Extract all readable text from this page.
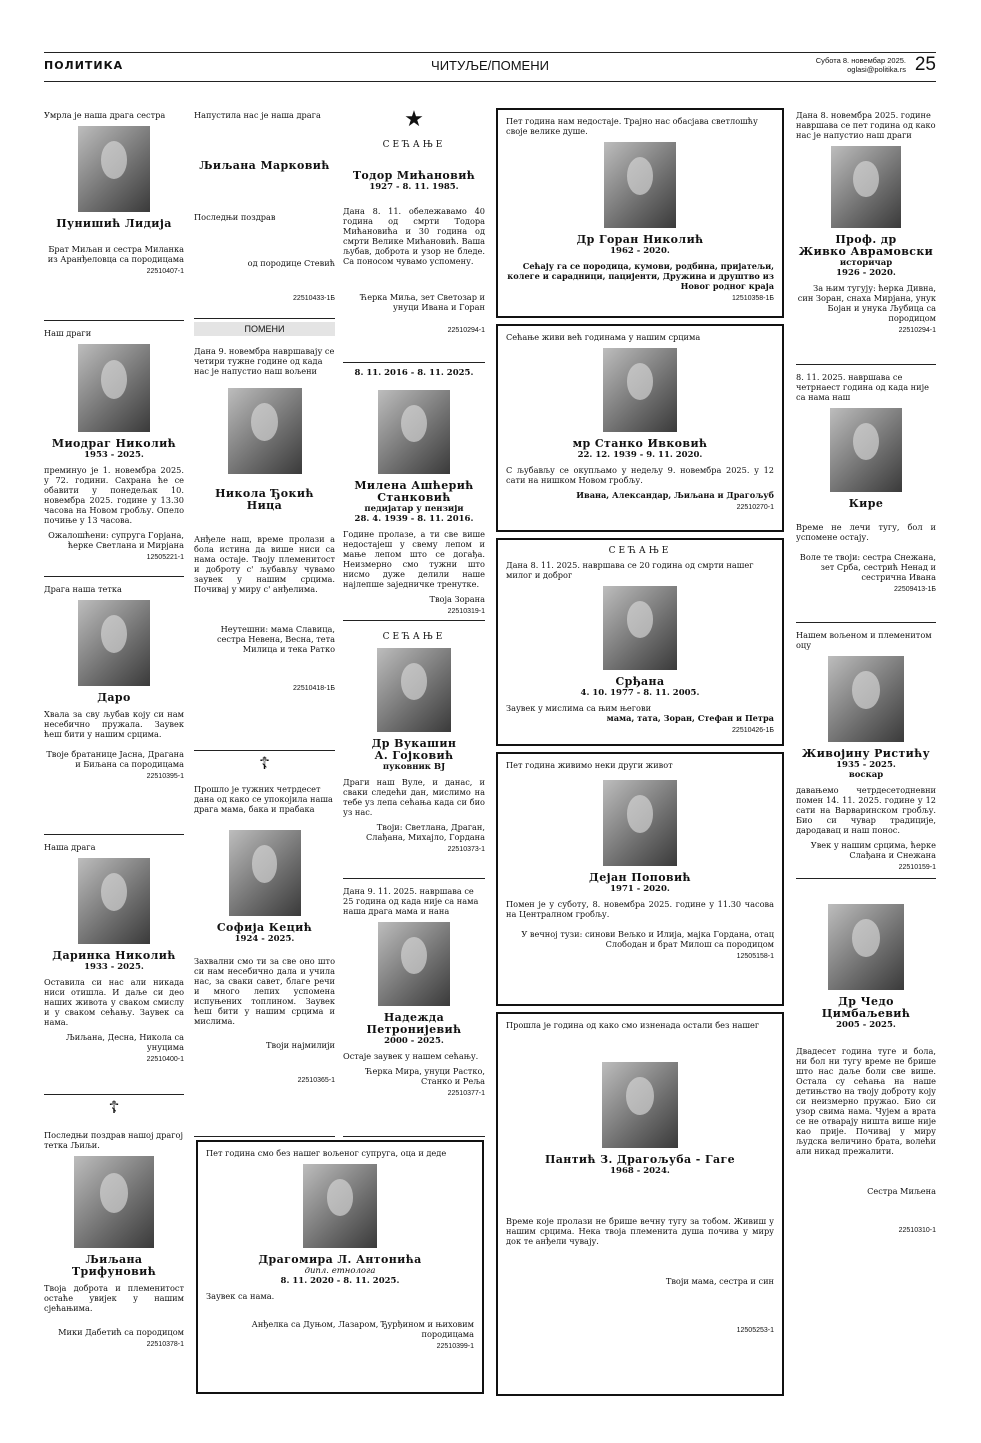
ПОЛИТИКА	ЧИТУЉЕ/ПОМЕНИ	Субота 8. новембар 2025.
oglasi@politika.rs 25
Умрла је наша драга сестра
Пунишић Лидија
Брат Миљан и сестра Миланка из Аранђеловца са породицама
22510407-1
Наш драги
Миодраг Николић
1953 - 2025.
преминуо је 1. новембра 2025. у 72. години. Сахрана ће се обавити у понедељак 10. новембра 2025. године у 13.30 часова на Новом гробљу. Опело почиње у 13 часова.
Ожалошћени: супруга Горјана, ћерке Светлана и Мирјана
12505221-1
Драга наша тетка
Даро
Хвала за сву љубав коју си нам несебично пружала. Заувек ћеш бити у нашим срцима.
Твоје братанице Јасна, Драгана и Биљана са породицама
22510395-1
Наша драга
Даринка Николић
1933 - 2025.
Оставила си нас али никада ниси отишла. И даље си део наших живота у сваком смислу и у сваком сећању. Заувек са нама.
Љиљана, Десна, Никола са унуцима
22510400-1
☦
Последњи поздрав нашој драгој тетка Љиљи.
Љиљана Трифуновић
Твоја доброта и племенитост остаће увијек у нашим сјећањима.
Мики Дабетић са породицом
22510378-1
Напустила нас је наша драга
Љиљана Марковић
Последњи поздрав
од породице Стевић
22510433-1Б
ПОМЕНИ
Дана 9. новембра навршавају се четири тужне године од када нас је напустио наш вољени
Никола Ђокић
Ница
Анђеле наш, време пролази а бола истина да више ниси са нама остаје. Твоју племенитост и доброту с' љубављу чувамо заувек у нашим срцима. Почивај у миру с' анђелима.
Неутешни: мама Славица, сестра Невена, Весна, тета Милица и тека Ратко
22510418-1Б
☦
Прошло је тужних четрдесет дана од како се упокојила наша драга мама, бака и прабака
Софија Кецић
1924 - 2025.
Захвални смо ти за све оно што си нам несебично дала и учила нас, за сваки савет, благе речи и много лепих успомена испуњених топлином. Заувек ћеш бити у нашим срцима и мислима.
Твоји најмилији
22510365-1
★
СЕЋАЊЕ
Тодор Мићановић
1927 - 8. 11. 1985.
Дана 8. 11. обележавамо 40 година од смрти Тодора Мићановића и 30 година од смрти Велике Мићановић. Ваша љубав, доброта и узор не бледе. Са поносом чувамо успомену.
Ћерка Миља, зет Светозар и унуци Ивана и Горан
22510294-1
8. 11. 2016 - 8. 11. 2025.
Милена Ашћерић
Станковић
педијатар у пензији
28. 4. 1939 - 8. 11. 2016.
Године пролазе, а ти све више недостајеш у свему лепом и мање лепом што се догађа. Неизмерно смо тужни што нисмо дуже делили наше најлепше заједничке тренутке.
Твоја Зорана
22510319-1
СЕЋАЊЕ
Др Вукашин
А. Гојковић
пуковник ВЈ
Драги наш Вуле, и данас, и сваки следећи дан, мислимо на тебе уз лепа сећања када си био уз нас.
Твоји: Светлана, Драган, Слађана, Михајло, Гордана
22510373-1
Дана 9. 11. 2025. навршава се 25 година од када није са нама наша драга мама и нана
Надежда
Петронијевић
2000 - 2025.
Остаје заувек у нашем сећању.
Ћерка Мира, унуци Растко, Станко и Реља
22510377-1
Пет година смо без нашег вољеног супруга, оца и деде
Драгомира Л. Антонића
дипл. етнолога
8. 11. 2020 - 8. 11. 2025.
Заувек са нама.
Анђелка са Дуњом, Лазаром, Ђурђином и њиховим породицама
22510399-1
Пет година нам недостаје. Трајно нас обасјава светлошћу своје велике душе.
Др Горан Николић
1962 - 2020.
Сећају га се породица, кумови, родбина, пријатељи, колеге и сарадници, пацијенти, Дружина и друштво из Новог родног краја
12510358-1Б
Сећање живи већ годинама у нашим срцима
мр Станко Ивковић
22. 12. 1939 - 9. 11. 2020.
С љубављу се окупљамо у недељу 9. новембра 2025. у 12 сати на нишком Новом гробљу.
Ивана, Александар, Љиљана и Драгољуб
22510270-1
СЕЋАЊЕ
Дана 8. 11. 2025. навршава се 20 година од смрти нашег милог и доброг
Срђана
4. 10. 1977 - 8. 11. 2005.
Заувек у мислима са њим његови
мама, тата, Зоран, Стефан и Петра
22510426-1Б
Пет година живимо неки други живот
Дејан Поповић
1971 - 2020.
Помен је у суботу, 8. новембра 2025. године у 11.30 часова на Централном гробљу.
У вечној тузи: синови Вељко и Илија, мајка Гордана, отац Слободан и брат Милош са породицом
12505158-1
Прошла је година од како смо изненада остали без нашег
Пантић З. Драгољуба - Гаге
1968 - 2024.
Време које пролази не брише вечну тугу за тобом. Живиш у нашим срцима. Нека твоја племенита душа почива у миру док те анђели чувају.
Твоји мама, сестра и син
12505253-1
Дана 8. новембра 2025. године навршава се пет година од како нас је напустио наш драги
Проф. др
Живко Аврамовски
историчар
1926 - 2020.
За њим тугују: ћерка Дивна, син Зоран, снаха Мирјана, унук Бојан и унука Љубица са породицом
22510294-1
8. 11. 2025. навршава се четрнаест година од када није са нама наш
Кире
Време не лечи тугу, бол и успомене остају.
Воле те твоји: сестра Снежана, зет Срба, сестрић Ненад и сестрична Ивана
22509413-1Б
Нашем вољеном и племенитом оцу
Живојину Ристићу
1935 - 2025.
воскар
давањемо четрдесетодневни помен 14. 11. 2025. године у 12 сати на Варваринском гробљу. Био си чувар традиције, дародавац и наш понос.
Увек у нашим срцима, ћерке Слађана и Снежана
22510159-1
Др Чедо Цимбаљевић
2005 - 2025.
Двадесет година туге и бола, ни бол ни тугу време не брише што нас даље боли све више. Остала су сећања на наше детињство на твоју доброту коју си неизмерно пружао. Био си узор свима нама. Чујем а врата се не отварају ништа више није као прије. Почивај у миру људска величино брата, волећи али никад прежалити.
Сестра Миљена
22510310-1
